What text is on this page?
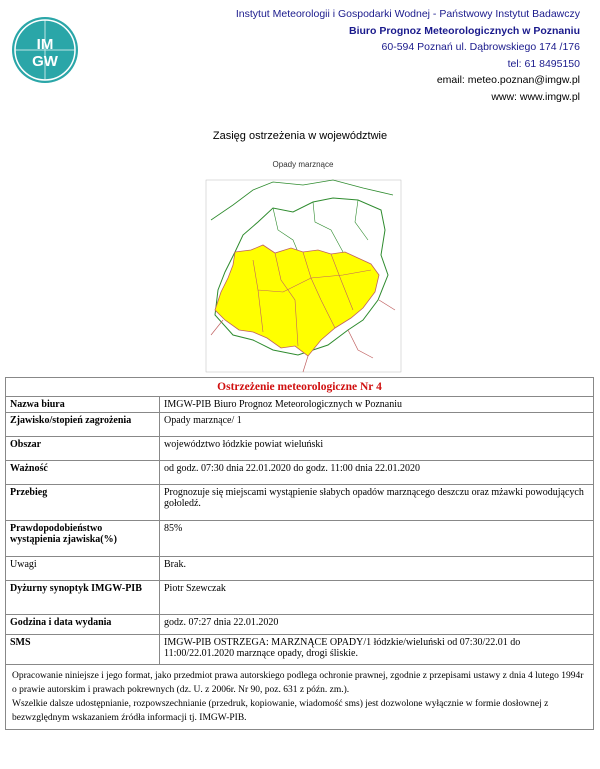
IM
GW
Instytut Meteorologii i Gospodarki Wodnej - Państwowy Instytut Badawczy
Biuro Prognoz Meteorologicznych w Poznaniu
60-594 Poznań ul. Dąbrowskiego 174 /176
tel: 61 8495150
email: meteo.poznan@imgw.pl
www: www.imgw.pl
Zasięg ostrzeżenia w województwie
Opady marznące
Ostrzeżenie meteorologiczne Nr 4	
Nazwa biura	IMGW-PIB Biuro Prognoz Meteorologicznych w Poznaniu
Zjawisko/stopień zagrożenia	Opady marznące/ 1
Obszar	województwo łódzkie powiat wieluński
Ważność	od godz. 07:30 dnia 22.01.2020 do godz. 11:00 dnia 22.01.2020
Przebieg	Prognozuje się miejscami wystąpienie słabych opadów marznącego deszczu oraz mżawki powodujących gołoledź.
Prawdopodobieństwo wystąpienia zjawiska(%)	85%
Uwagi	Brak.
Dyżurny synoptyk IMGW-PIB	Piotr Szewczak
Godzina i data wydania	godz. 07:27 dnia 22.01.2020
SMS	IMGW-PIB OSTRZEGA: MARZNĄCE OPADY/1 łódzkie/wieluński od 07:30/22.01 do 11:00/22.01.2020 marznące opady, drogi śliskie.

Opracowanie niniejsze i jego format, jako przedmiot prawa autorskiego podlega ochronie prawnej, zgodnie z przepisami ustawy z dnia 4 lutego 1994r o prawie autorskim i prawach pokrewnych (dz. U. z 2006r. Nr 90, poz. 631 z późn. zm.).
Wszelkie dalsze udostępnianie, rozpowszechnianie (przedruk, kopiowanie, wiadomość sms) jest dozwolone wyłącznie w formie dosłownej z bezwzględnym wskazaniem źródła informacji tj. IMGW-PIB.	
